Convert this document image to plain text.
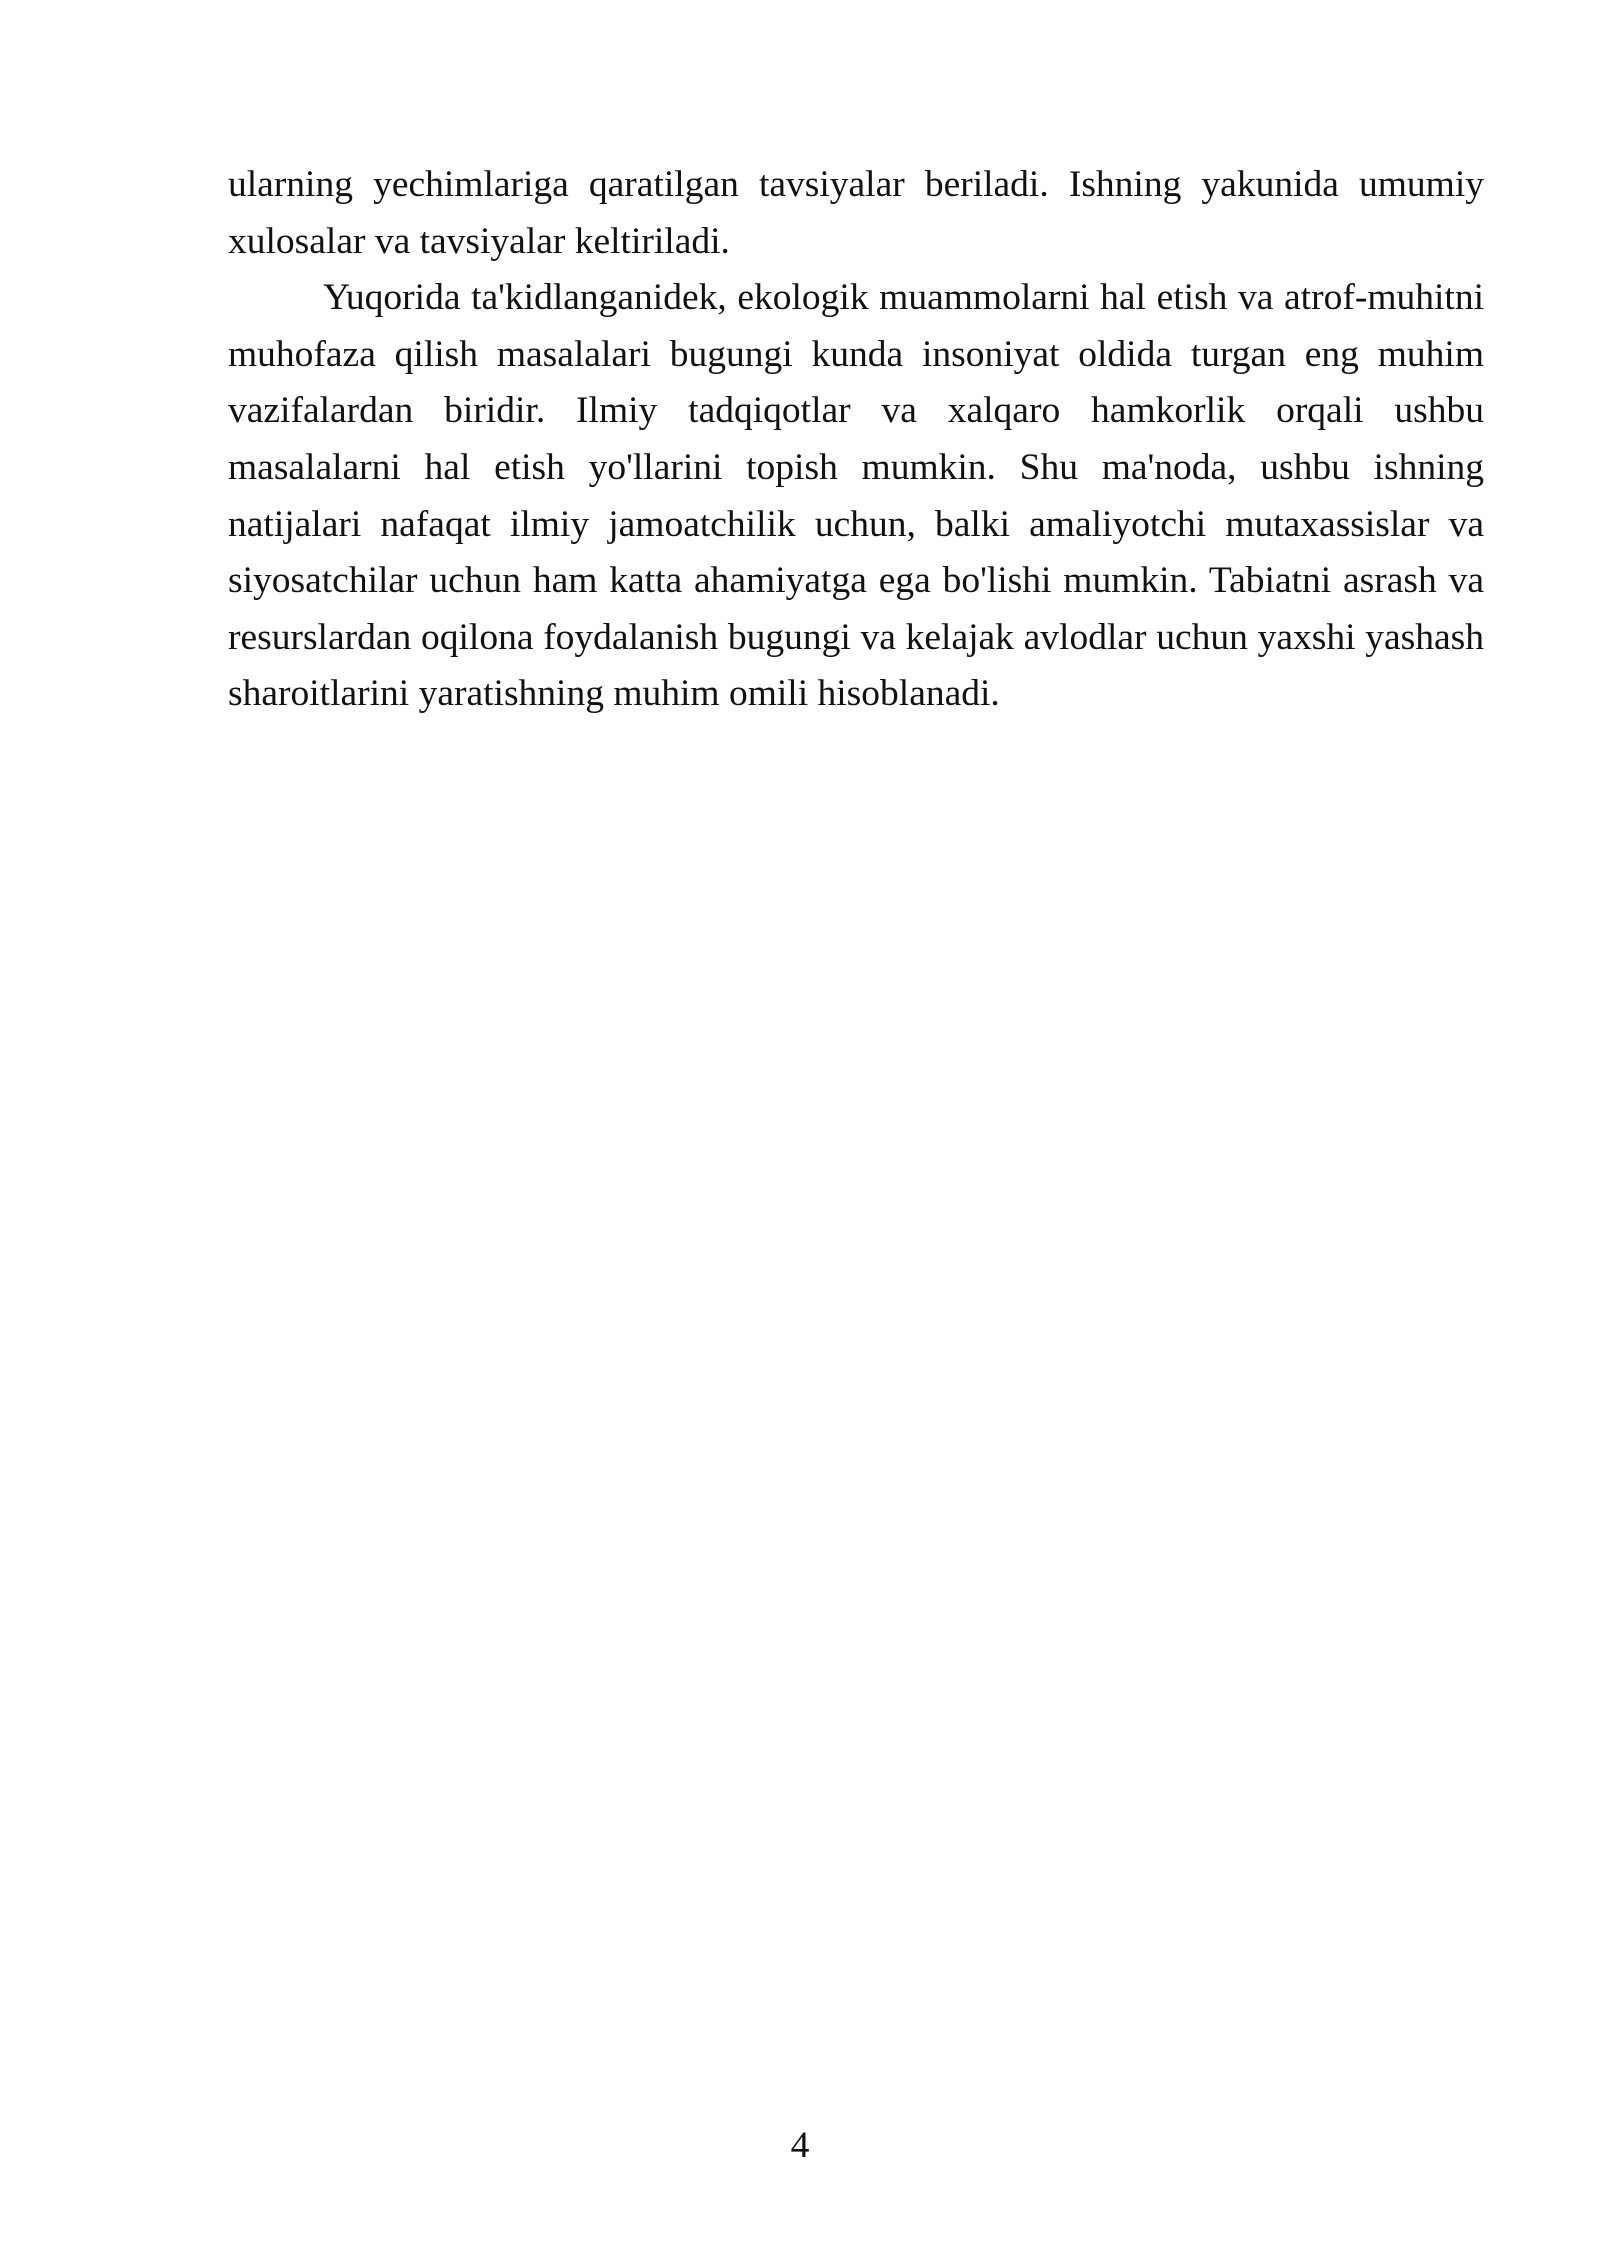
ularning yechimlariga qaratilgan tavsiyalar beriladi. Ishning yakunida umumiy xulosalar va tavsiyalar keltiriladi.

Yuqorida ta'kidlanganidek, ekologik muammolarni hal etish va atrof-muhitni muhofaza qilish masalalari bugungi kunda insoniyat oldida turgan eng muhim vazifalardan biridir. Ilmiy tadqiqotlar va xalqaro hamkorlik orqali ushbu masalalarni hal etish yo'llarini topish mumkin. Shu ma'noda, ushbu ishning natijalari nafaqat ilmiy jamoatchilik uchun, balki amaliyotchi mutaxassislar va siyosatchilar uchun ham katta ahamiyatga ega bo'lishi mumkin. Tabiatni asrash va resurslardan oqilona foydalanish bugungi va kelajak avlodlar uchun yaxshi yashash sharoitlarini yaratishning muhim omili hisoblanadi.

4
